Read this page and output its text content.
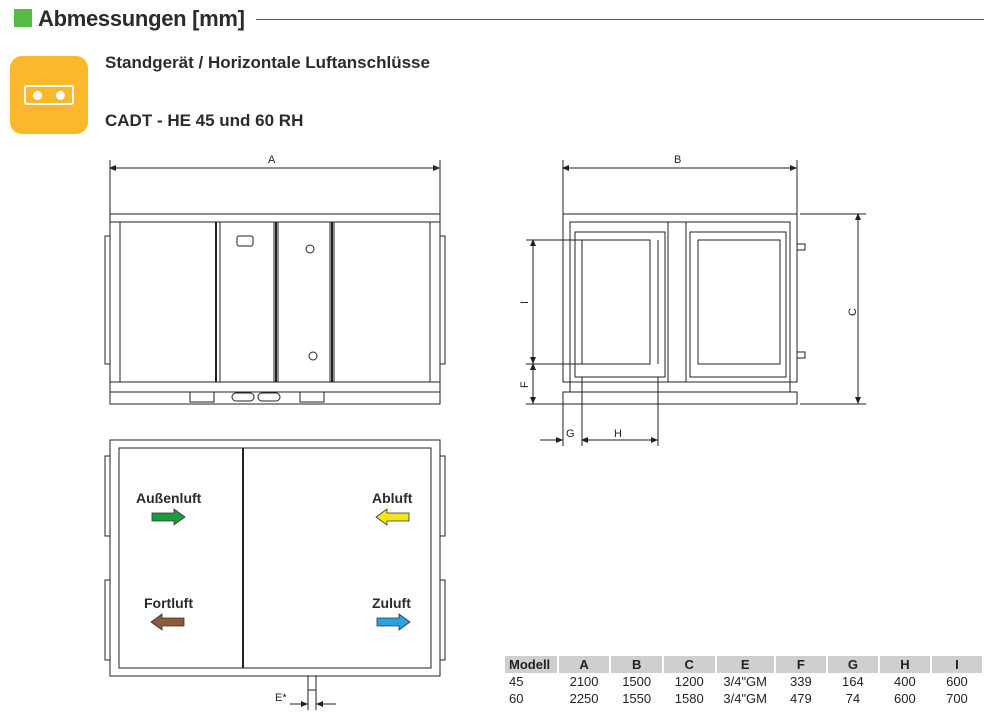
Abmessungen [mm]
Standgerät / Horizontale Luftanschlüsse
CADT - HE 45 und 60 RH
A	B
C
I
F
G	H
E*
Außenluft	Abluft
Fortluft	Zuluft
Modell	A	B	C	E	F	G	H	I
45	2100	1500	1200	3/4"GM	339	164	400	600
60	2250	1550	1580	3/4"GM	479	74	600	700
